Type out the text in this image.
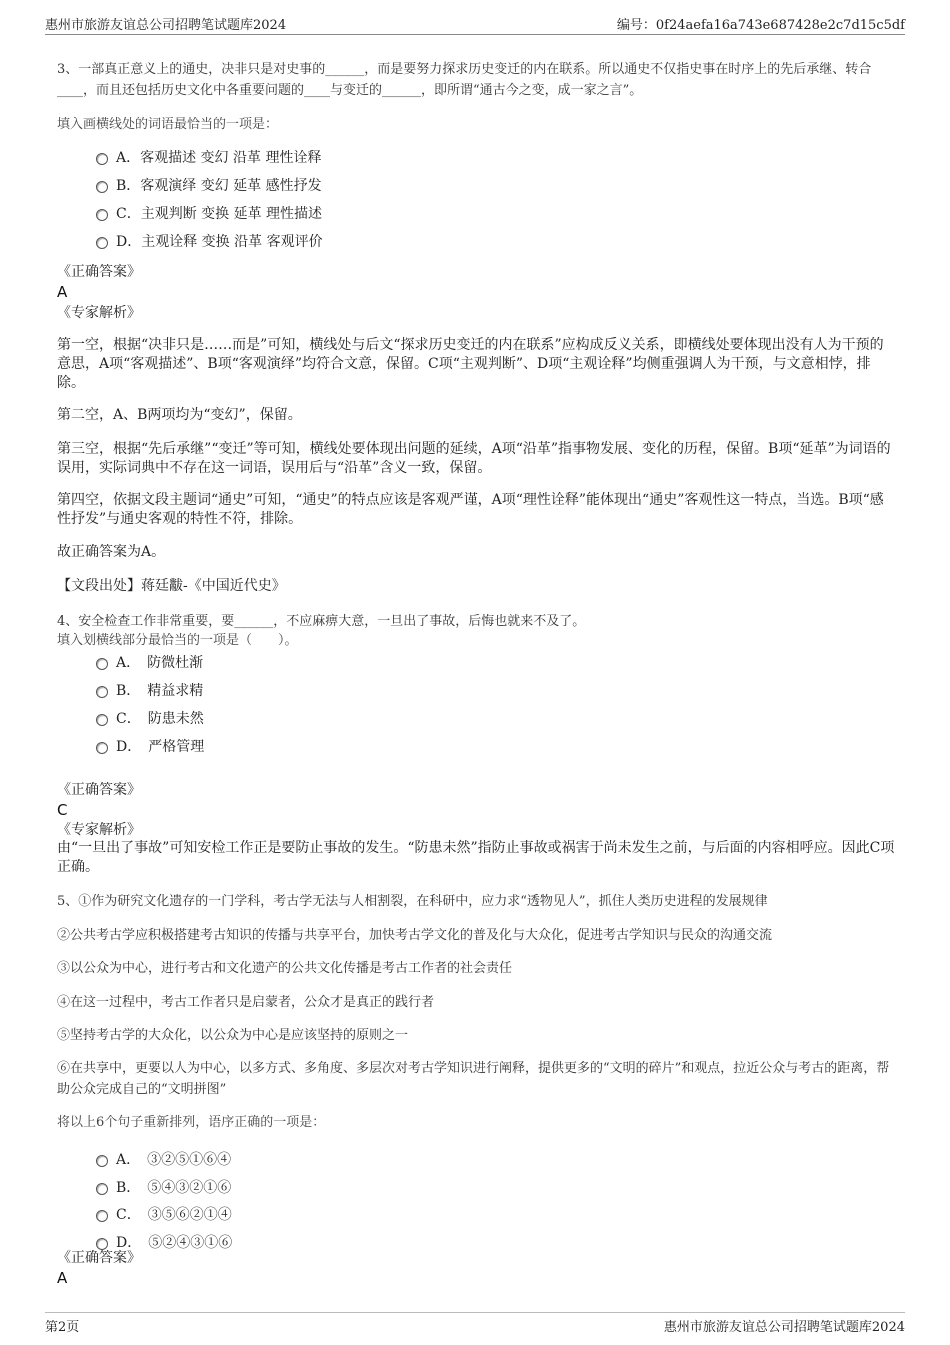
惠州市旅游友谊总公司招聘笔试题库2024	编号：0f24aefa16a743e687428e2c7d15c5df
3、一部真正意义上的通史，决非只是对史事的______，而是要努力探求历史变迁的内在联系。所以通史不仅指史事在时序上的先后承继、转合____，而且还包括历史文化中各重要问题的____与变迁的______，即所谓“通古今之变，成一家之言”。
填入画横线处的词语最恰当的一项是：
A．客观描述 变幻 沿革 理性诠释
B．客观演绎 变幻 延革 感性抒发
C．主观判断 变换 延革 理性描述
D．主观诠释 变换 沿革 客观评价
《正确答案》
A
《专家解析》
第一空，根据“决非只是……而是”可知，横线处与后文“探求历史变迁的内在联系”应构成反义关系，即横线处要体现出没有人为干预的意思，A项“客观描述”、B项“客观演绎”均符合文意，保留。C项“主观判断”、D项“主观诠释”均侧重强调人为干预，与文意相悖，排除。
第二空，A、B两项均为“变幻”，保留。
第三空，根据“先后承继”“变迁”等可知，横线处要体现出问题的延续，A项“沿革”指事物发展、变化的历程，保留。B项“延革”为词语的误用，实际词典中不存在这一词语，误用后与“沿革”含义一致，保留。
第四空，依据文段主题词“通史”可知，“通史”的特点应该是客观严谨，A项“理性诠释”能体现出“通史”客观性这一特点，当选。B项“感性抒发”与通史客观的特性不符，排除。
故正确答案为A。
【文段出处】蒋廷黻-《中国近代史》
4、安全检查工作非常重要，要______，不应麻痹大意，一旦出了事故，后悔也就来不及了。
填入划横线部分最恰当的一项是（　　）。
A．　防微杜渐
B．　精益求精
C．　防患未然
D．　严格管理
《正确答案》
C
《专家解析》
由“一旦出了事故”可知安检工作正是要防止事故的发生。“防患未然”指防止事故或祸害于尚未发生之前，与后面的内容相呼应。因此C项正确。
5、①作为研究文化遗存的一门学科，考古学无法与人相割裂，在科研中，应力求“透物见人”，抓住人类历史进程的发展规律
②公共考古学应积极搭建考古知识的传播与共享平台，加快考古学文化的普及化与大众化，促进考古学知识与民众的沟通交流
③以公众为中心，进行考古和文化遗产的公共文化传播是考古工作者的社会责任
④在这一过程中，考古工作者只是启蒙者，公众才是真正的践行者
⑤坚持考古学的大众化，以公众为中心是应该坚持的原则之一
⑥在共享中，更要以人为中心，以多方式、多角度、多层次对考古学知识进行阐释，提供更多的“文明的碎片”和观点，拉近公众与考古的距离，帮助公众完成自己的“文明拼图”
将以上6个句子重新排列，语序正确的一项是：
A．　③②⑤①⑥④
B．　⑤④③②①⑥
C．　③⑤⑥②①④
D．　⑤②④③①⑥
《正确答案》
A
第2页	惠州市旅游友谊总公司招聘笔试题库2024
